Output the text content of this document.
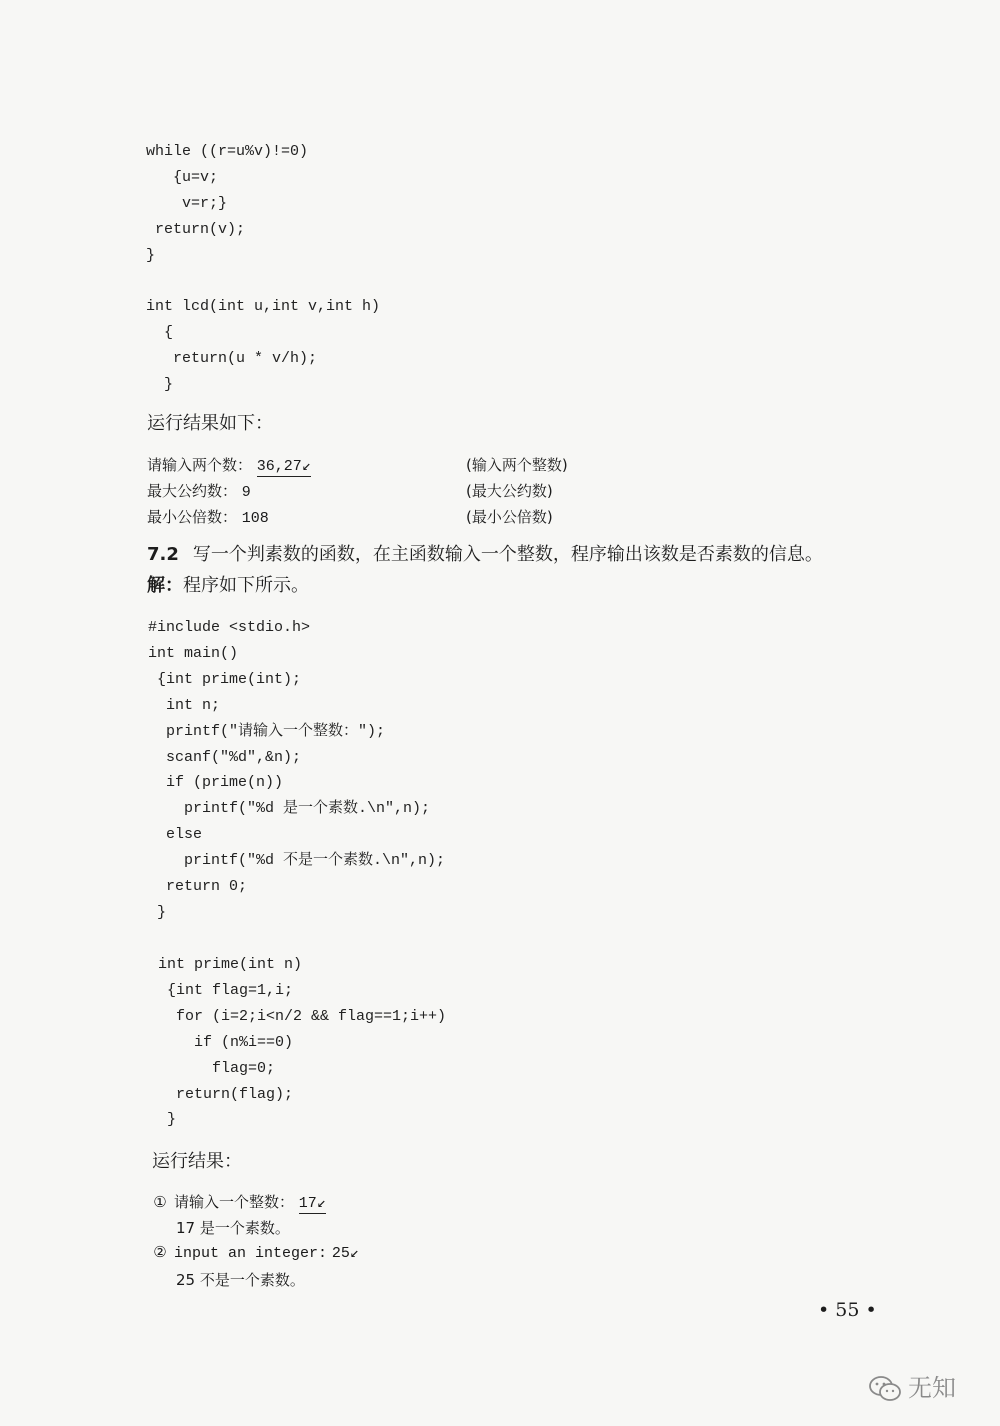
while ((r=u%v)!=0)
{u=v;
v=r;}
return(v);
}
int lcd(int u,int v,int h)
{
return(u * v/h);
}
运行结果如下：
请输入两个数： 36,27↙	(输入两个整数)
最大公约数： 9	(最大公约数)
最小公倍数： 108	(最小公倍数)
7.2 写一个判素数的函数，在主函数输入一个整数，程序输出该数是否素数的信息。
解：程序如下所示。
#include <stdio.h>
int main()
{int prime(int);
int n;
printf("请输入一个整数：");
scanf("%d",&n);
if (prime(n))
printf("%d 是一个素数.\n",n);
else
printf("%d 不是一个素数.\n",n);
return 0;
}
int prime(int n)
{int flag=1,i;
for (i=2;i<n/2 && flag==1;i++)
if (n%i==0)
flag=0;
return(flag);
}
运行结果：
① 请输入一个整数： 17↙
17 是一个素数。
② input an integer: 25↙
25 不是一个素数。
• 55 •
无知
